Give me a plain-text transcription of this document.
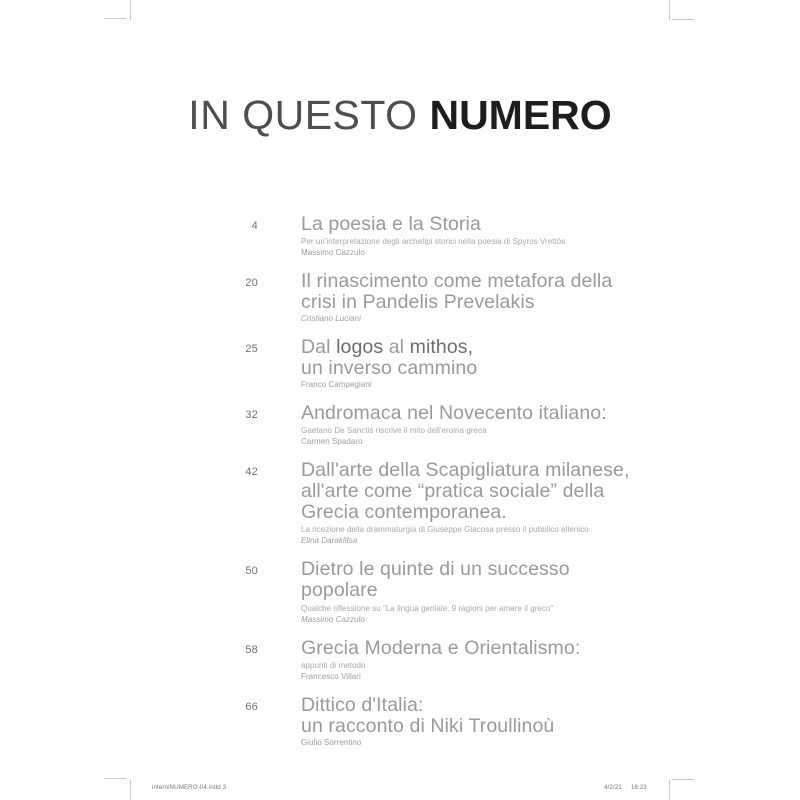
IN QUESTO NUMERO
4 La poesia e la Storia
Per un'interpretazione degli archetipi storici nella poesia di Spyros Vrettós
Massimo Cazzulo
20 Il rinascimento come metafora della
crisi in Pandelis Prevelakis
Cristiano Luciani
25 Dal logos al mithos,
un inverso cammino
Franco Campegiani
32 Andromaca nel Novecento italiano:
Gaetano De Sanctis riscrive il mito dell'eroina greca
Carmen Spadaro
42 Dall'arte della Scapigliatura milanese,
all'arte come “pratica sociale” della
Grecia contemporanea.
La ricezione della drammaturgia di Giuseppe Giacosa presso il pubblico ellenico
Elina Daraklitsa
50 Dietro le quinte di un successo
popolare
Qualche riflessione su “La lingua geniale. 9 ragioni per amare il greco”
Massimo Cazzulo
58 Grecia Moderna e Orientalismo:
appunti di metodo
Francesco Villari
66 Dittico d'Italia:
un racconto di Niki Troullinoù
Giulio Sorrentino
interniNUMERO-04.indd 3	4/2/21 16:23
